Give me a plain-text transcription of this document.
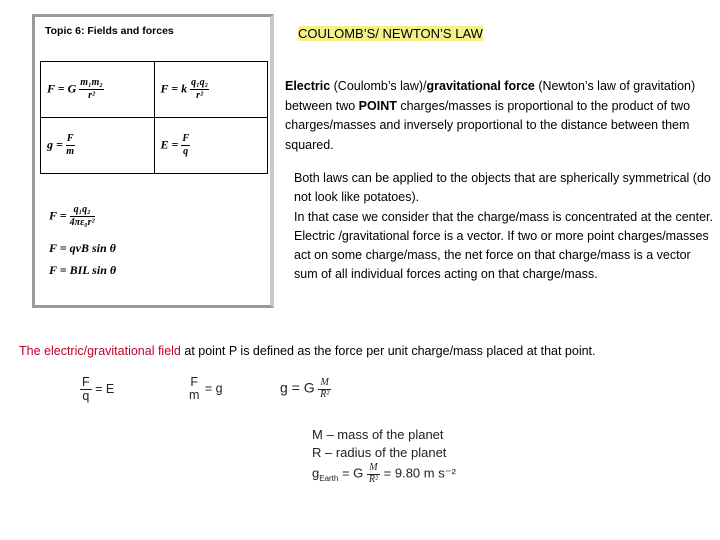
Topic 6: Fields and forces
F = G $\frac{\text{m₁m₂}}{\text{r²}}$	F = k $\frac{\text{q₁q₂}}{\text{r²}}$

$g = \frac{F}{m}$	$E = \frac{F}{q}$
$F = \frac{\text{q₁q₂}}{\text{4πε₀r²}}$
F = qvB sin θ
F = BIL sin θ
COULOMB’S/ NEWTON’S LAW
Electric (Coulomb’s law)/gravitational force (Newton’s law of gravitation) between two POINT charges/masses is proportional to the product of two charges/masses and inversely proportional to the distance between them squared.
Both laws can be applied to the objects that are spherically symmetrical (do not look like potatoes).
In that case we consider that the charge/mass is concentrated at the center.
Electric /gravitational force is a vector. If two or more point charges/masses act on some charge/mass, the net force on that charge/mass is a vector sum of all individual forces acting on that charge/mass.
The electric/gravitational field at point P is defined as the force per unit charge/mass placed at that point.
$\frac{F}{q} = E$	F
m = g	g = G $\frac{M}{\text{R²}}$
M – mass of the planet
R – radius of the planet
$g_{Earth} = G \frac{M}{\text{R²}} = 9.80$ m s⁻²
